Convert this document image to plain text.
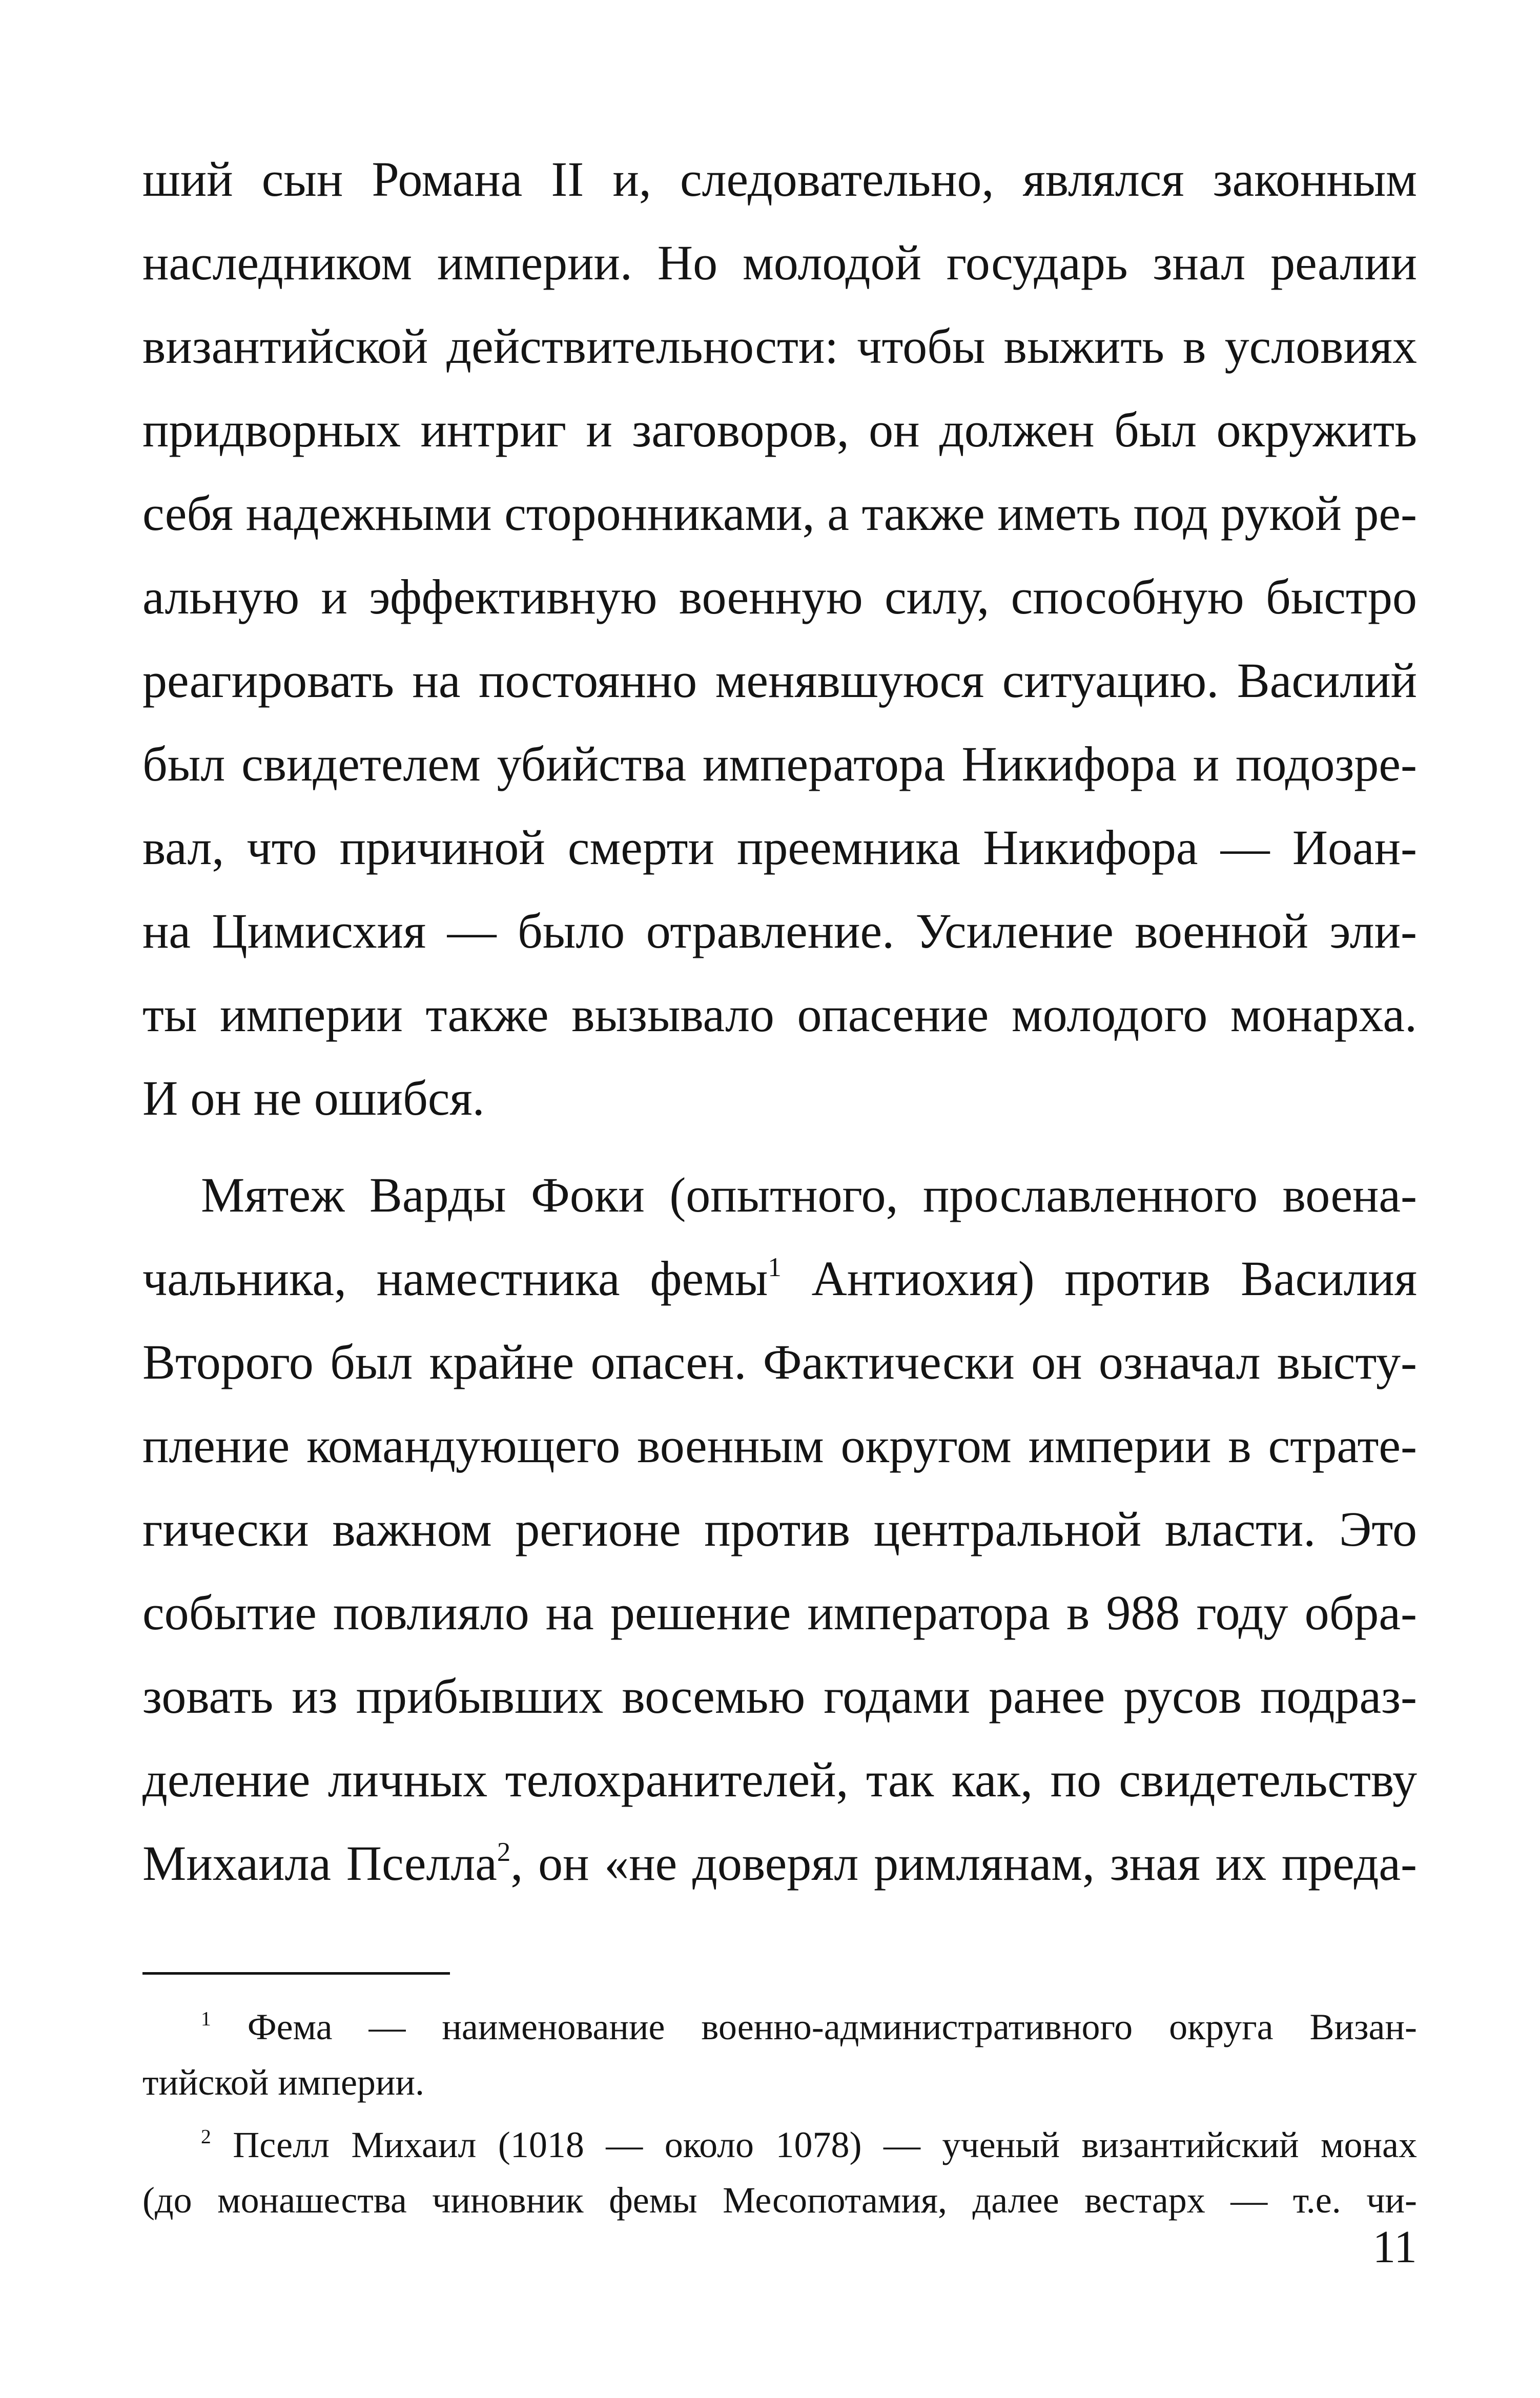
ший сын Романа II и, следовательно, являлся законным
наследником империи. Но молодой государь знал реалии
византийской действительности: чтобы выжить в условиях
придворных интриг и заговоров, он должен был окружить
себя надежными сторонниками, а также иметь под рукой ре-
альную и эффективную военную силу, способную быстро
реагировать на постоянно менявшуюся ситуацию. Василий
был свидетелем убийства императора Никифора и подозре-
вал, что причиной смерти преемника Никифора — Иоан-
на Цимисхия — было отравление. Усиление военной эли-
ты империи также вызывало опасение молодого монарха.
И он не ошибся.
Мятеж Варды Фоки (опытного, прославленного военa-
чальника, наместника фемы$^1$ Антиохия) против Василия
Второго был крайне опасен. Фактически он означал высту-
пление командующего военным округом империи в страте-
гически важном регионе против центральной власти. Это
событие повлияло на решение императора в 988 году обра-
зовать из прибывших восемью годами ранее русов подраз-
деление личных телохранителей, так как, по свидетельству
Михаила Пселла$^2$, он «не доверял римлянам, зная их преда-
$^1$ Фема — наименование военно-административного округа Визан-
тийской империи.
$^2$ Пселл Михаил (1018 — около 1078) — ученый византийский монах
(до монашества чиновник фемы Месопотамия, далее вестарх — т.е. чи-
11
